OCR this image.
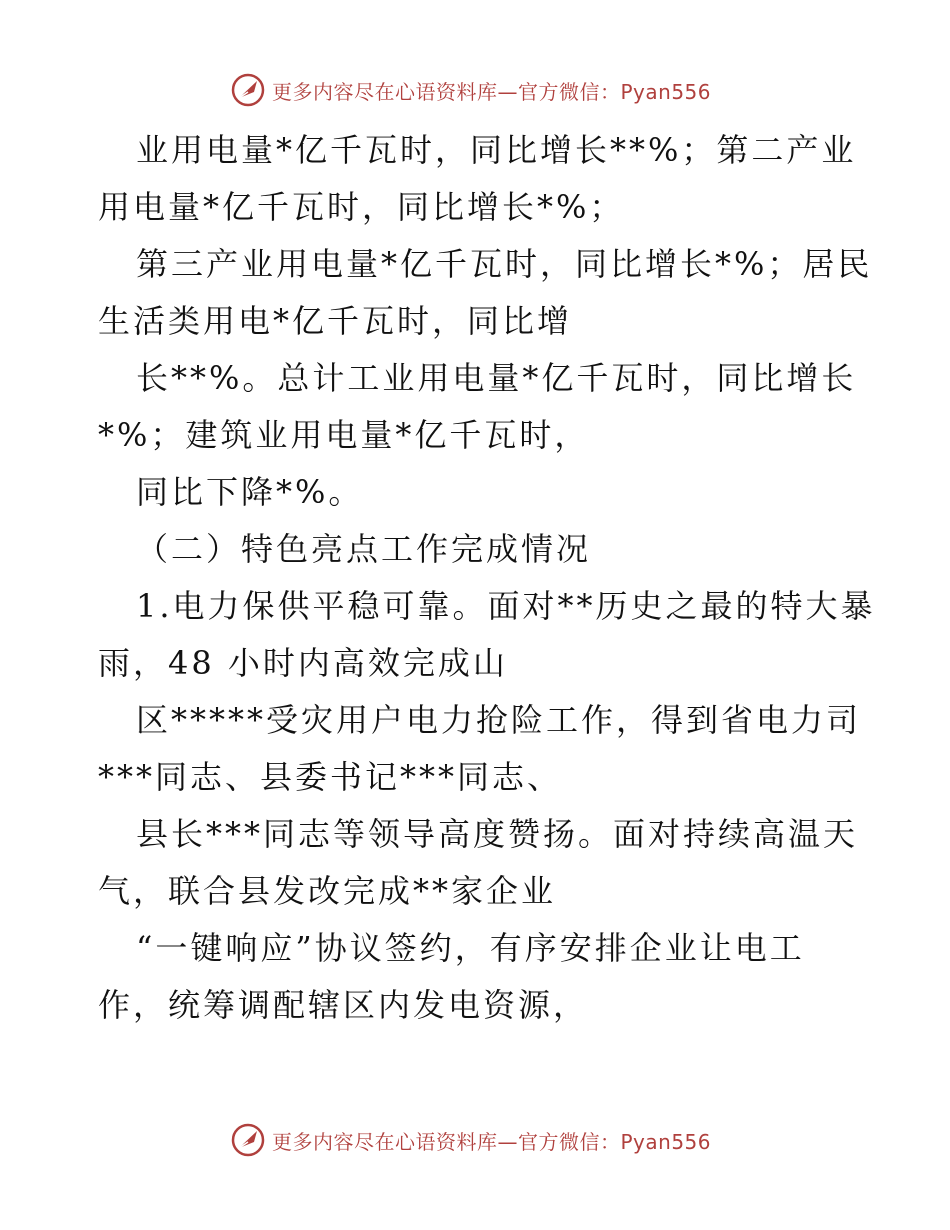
更多内容尽在心语资料库—官方微信：Pyan556
业用电量*亿千瓦时，同比增长**%；第二产业
用电量*亿千瓦时，同比增长*%；
第三产业用电量*亿千瓦时，同比增长*%；居民
生活类用电*亿千瓦时，同比增
长**%。总计工业用电量*亿千瓦时，同比增长
*%；建筑业用电量*亿千瓦时，
同比下降*%。
（二）特色亮点工作完成情况
1.电力保供平稳可靠。面对**历史之最的特大暴
雨，48 小时内高效完成山
区*****受灾用户电力抢险工作，得到省电力司
***同志、县委书记***同志、
县长***同志等领导高度赞扬。面对持续高温天
气，联合县发改完成**家企业
“一键响应”协议签约，有序安排企业让电工
作，统筹调配辖区内发电资源，
更多内容尽在心语资料库—官方微信：Pyan556
